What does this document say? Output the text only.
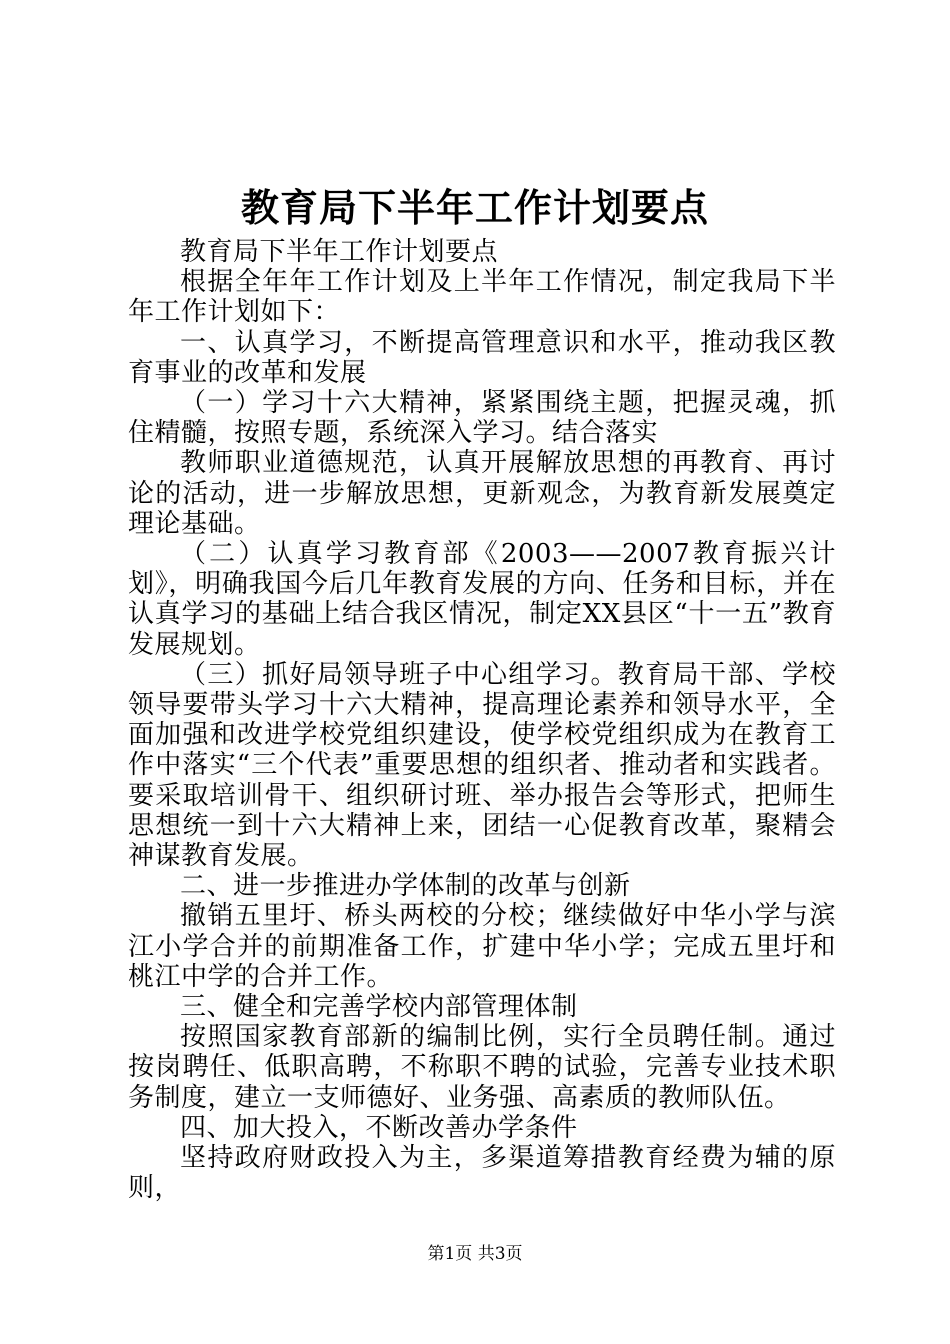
教育局下半年工作计划要点

教育局下半年工作计划要点

根据全年年工作计划及上半年工作情况，制定我局下半年工作计划如下：

一、认真学习，不断提高管理意识和水平，推动我区教育事业的改革和发展

（一）学习十六大精神，紧紧围绕主题，把握灵魂，抓住精髓，按照专题，系统深入学习。结合落实

教师职业道德规范，认真开展解放思想的再教育、再讨论的活动，进一步解放思想，更新观念，为教育新发展奠定理论基础。

（二）认真学习教育部《2003——2007教育振兴计划》，明确我国今后几年教育发展的方向、任务和目标，并在认真学习的基础上结合我区情况，制定XX县区“十一五”教育发展规划。

（三）抓好局领导班子中心组学习。教育局干部、学校领导要带头学习十六大精神，提高理论素养和领导水平，全面加强和改进学校党组织建设，使学校党组织成为在教育工作中落实“三个代表”重要思想的组织者、推动者和实践者。要采取培训骨干、组织研讨班、举办报告会等形式，把师生思想统一到十六大精神上来，团结一心促教育改革，聚精会神谋教育发展。

二、进一步推进办学体制的改革与创新

撤销五里圩、桥头两校的分校；继续做好中华小学与滨江小学合并的前期准备工作，扩建中华小学；完成五里圩和桃江中学的合并工作。

三、健全和完善学校内部管理体制

按照国家教育部新的编制比例，实行全员聘任制。通过按岗聘任、低职高聘，不称职不聘的试验，完善专业技术职务制度，建立一支师德好、业务强、高素质的教师队伍。

四、加大投入，不断改善办学条件

坚持政府财政投入为主，多渠道筹措教育经费为辅的原则，

第1页 共3页
